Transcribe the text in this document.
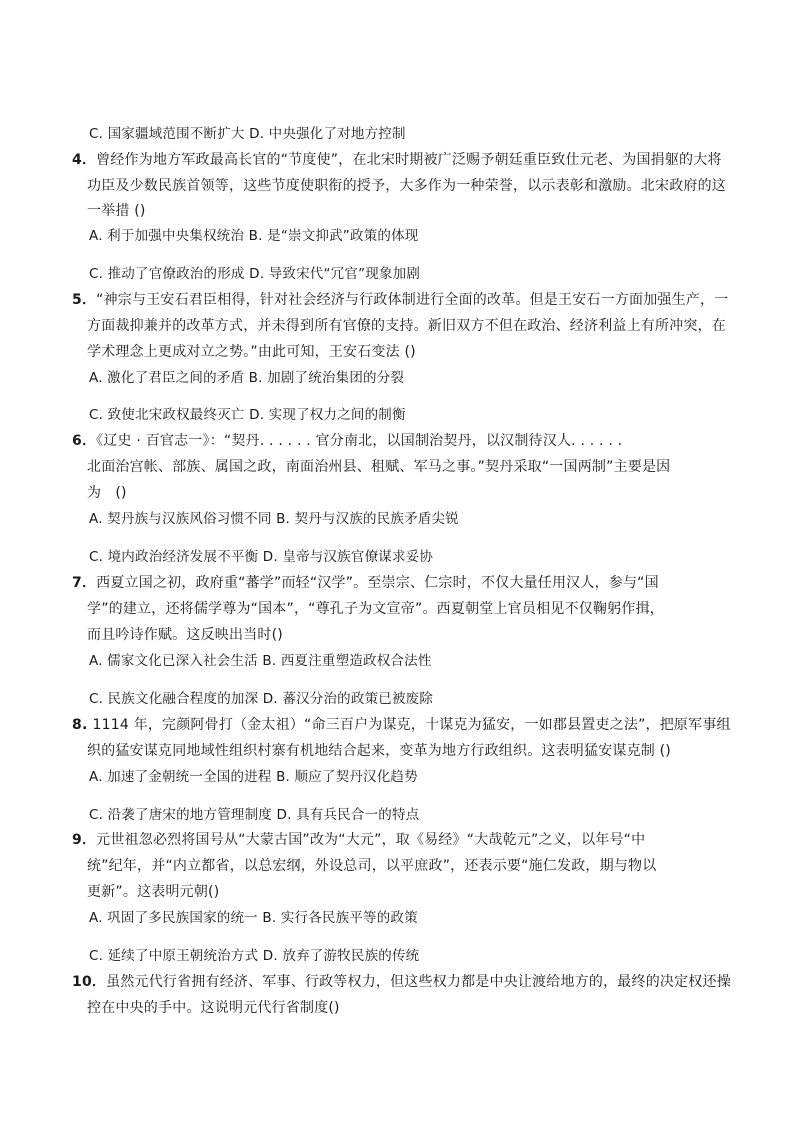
C. 国家疆域范围不断扩大 D. 中央强化了对地方控制
4．曾经作为地方军政最高长官的“节度使”，在北宋时期被广泛赐予朝廷重臣致仕元老、为国捐躯的大将
功臣及少数民族首领等，这些节度使职衔的授予，大多作为一种荣誉，以示表彰和激励。北宋政府的这
一举措 ()
A. 利于加强中央集权统治 B. 是“崇文抑武”政策的体现
C. 推动了官僚政治的形成 D. 导致宋代“冗官”现象加剧
5．“神宗与王安石君臣相得，针对社会经济与行政体制进行全面的改革。但是王安石一方面加强生产，一
方面裁抑兼并的改革方式，并未得到所有官僚的支持。新旧双方不但在政治、经济利益上有所冲突，在
学术理念上更成对立之势。”由此可知，王安石变法 ()
A. 激化了君臣之间的矛盾 B. 加剧了统治集团的分裂
C. 致使北宋政权最终灭亡 D. 实现了权力之间的制衡
6．《辽史 · 百官志一》：“契丹. . . . . . 官分南北，以国制治契丹，以汉制待汉人. . . . . .
北面治宫帐、部族、属国之政，南面治州县、租赋、军马之事。”契丹采取“一国两制”主要是因
为　()
A. 契丹族与汉族风俗习惯不同 B. 契丹与汉族的民族矛盾尖锐
C. 境内政治经济发展不平衡 D. 皇帝与汉族官僚谋求妥协
7．西夏立国之初，政府重“蕃学”而轻“汉学”。至崇宗、仁宗时，不仅大量任用汉人，参与“国
学”的建立，还将儒学尊为“国本”，“尊孔子为文宣帝”。西夏朝堂上官员相见不仅鞠躬作揖，
而且吟诗作赋。这反映出当时()
A. 儒家文化已深入社会生活 B. 西夏注重塑造政权合法性
C. 民族文化融合程度的加深 D. 蕃汉分治的政策已被废除
8. 1114 年，完颜阿骨打（金太祖）“命三百户为谋克，十谋克为猛安，一如郡县置吏之法”，把原军事组
织的猛安谋克同地域性组织村寨有机地结合起来，变革为地方行政组织。这表明猛安谋克制 ()
A. 加速了金朝统一全国的进程 B. 顺应了契丹汉化趋势
C. 沿袭了唐宋的地方管理制度 D. 具有兵民合一的特点
9．元世祖忽必烈将国号从“大蒙古国”改为“大元”，取《易经》“大哉乾元”之义，以年号“中
统”纪年，并“内立都省，以总宏纲，外设总司，以平庶政”，还表示要“施仁发政，期与物以
更新”。这表明元朝()
A. 巩固了多民族国家的统一 B. 实行各民族平等的政策
C. 延续了中原王朝统治方式 D. 放弃了游牧民族的传统
10．虽然元代行省拥有经济、军事、行政等权力，但这些权力都是中央让渡给地方的，最终的决定权还操
控在中央的手中。这说明元代行省制度()
